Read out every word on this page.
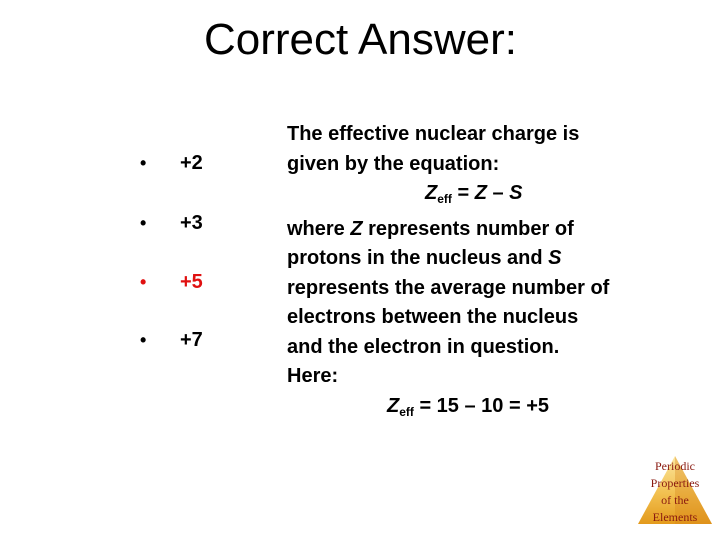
Correct Answer:
• +2
• +3
• +5
• +7
The effective nuclear charge is
given by the equation:
$Z_{eff} = Z - S$
where Z represents number of
protons in the nucleus and S
represents the average number of
electrons between the nucleus
and the electron in question.
Here:
$Z_{eff} = 15 - 10 = +5$
Periodic
Properties
of the
Elements
